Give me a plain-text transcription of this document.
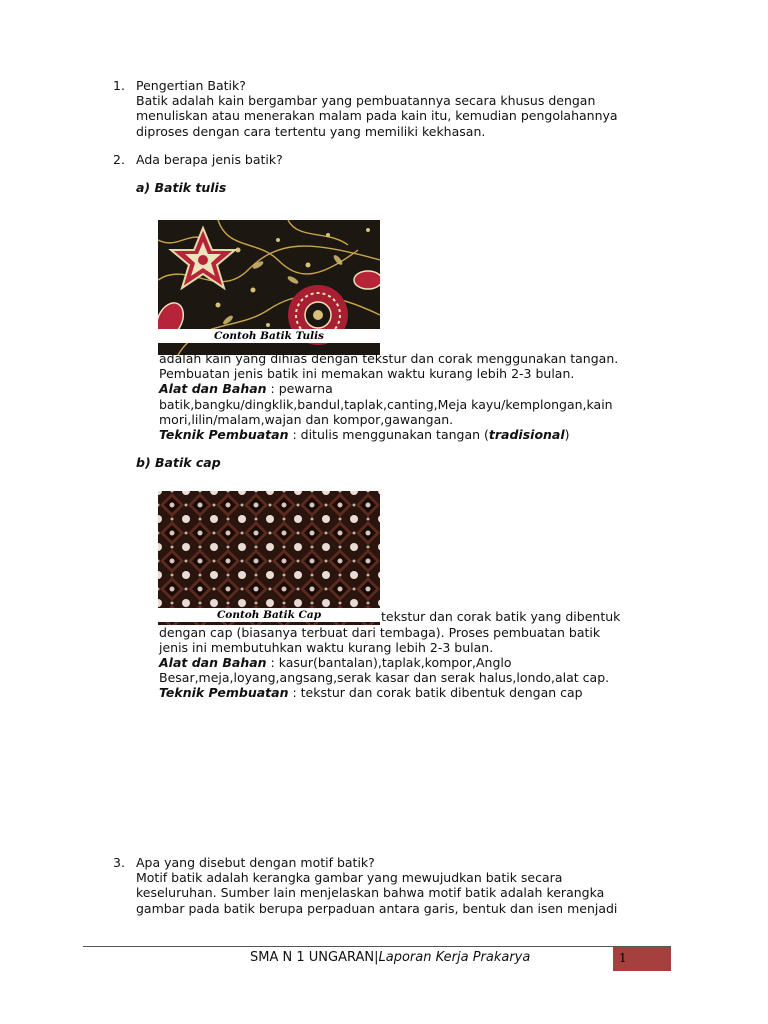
1. Pengertian Batik?
Batik adalah kain bergambar yang pembuatannya secara khusus dengan
menuliskan atau menerakan malam pada kain itu, kemudian pengolahannya
diproses dengan cara tertentu yang memiliki kekhasan.
2. Ada berapa jenis batik?
a) Batik tulis
Contoh Batik Tulis
adalah kain yang dihias dengan tekstur dan corak menggunakan tangan.
Pembuatan jenis batik ini memakan waktu kurang lebih 2-3 bulan.
Alat dan Bahan : pewarna
batik,bangku/dingklik,bandul,taplak,canting,Meja kayu/kemplongan,kain
mori,lilin/malam,wajan dan kompor,gawangan.
Teknik Pembuatan : ditulis menggunakan tangan (tradisional)
b) Batik cap
Contoh Batik Cap	tekstur dan corak batik yang dibentuk
dengan cap (biasanya terbuat dari tembaga). Proses pembuatan batik
jenis ini membutuhkan waktu kurang lebih 2-3 bulan.
Alat dan Bahan : kasur(bantalan),taplak,kompor,Anglo
Besar,meja,loyang,angsang,serak kasar dan serak halus,londo,alat cap.
Teknik Pembuatan : tekstur dan corak batik dibentuk dengan cap
3. Apa yang disebut dengan motif batik?
Motif batik adalah kerangka gambar yang mewujudkan batik secara
keseluruhan. Sumber lain menjelaskan bahwa motif batik adalah kerangka
gambar pada batik berupa perpaduan antara garis, bentuk dan isen menjadi
SMA N 1 UNGARAN|Laporan Kerja Prakarya	1
